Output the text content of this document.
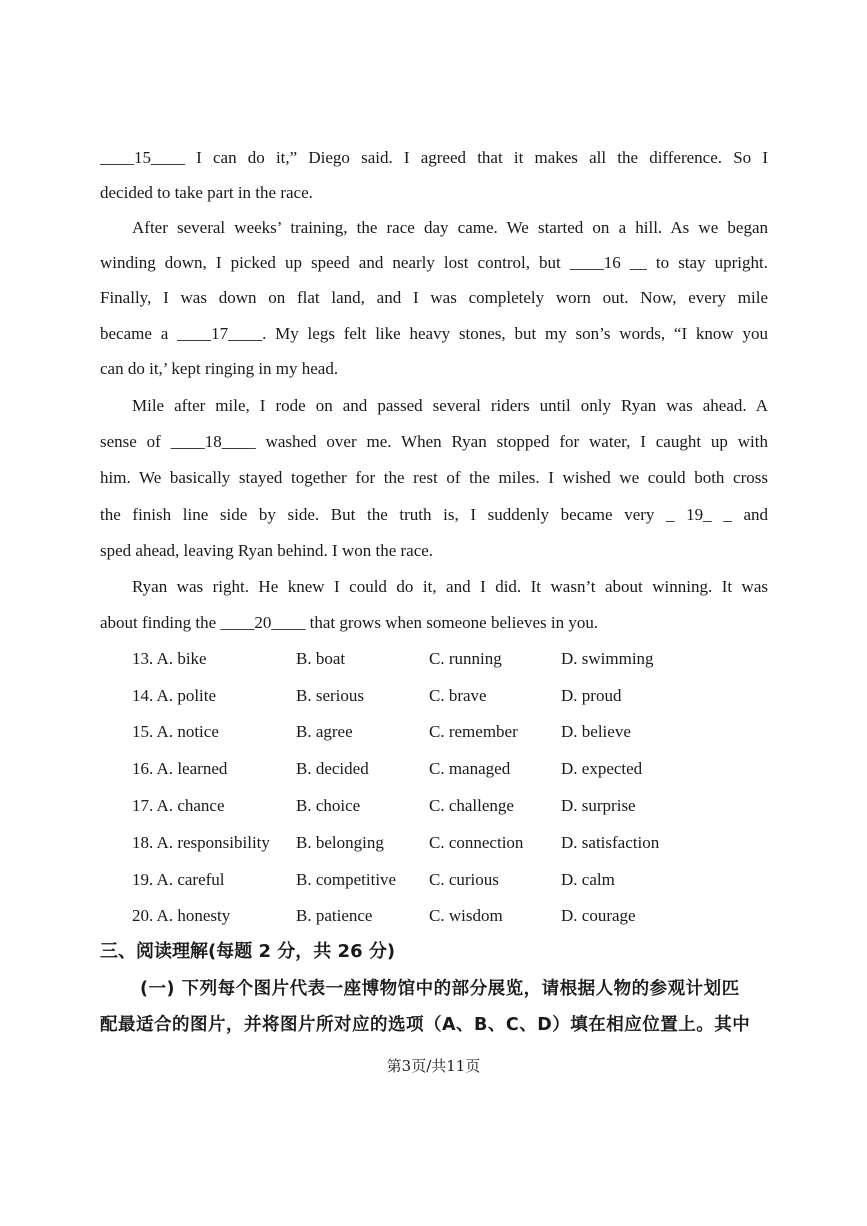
____15____ I can do it,” Diego said. I agreed that it makes all the difference. So I
decided to take part in the race.
After several weeks’ training, the race day came. We started on a hill. As we began
winding down, I picked up speed and nearly lost control, but ____16 __ to stay upright.
Finally, I was down on flat land, and I was completely worn out. Now, every mile
became a ____17____. My legs felt like heavy stones, but my son’s words, “I know you
can do it,’ kept ringing in my head.
Mile after mile, I rode on and passed several riders until only Ryan was ahead. A
sense of ____18____ washed over me. When Ryan stopped for water, I caught up with
him. We basically stayed together for the rest of the miles. I wished we could both cross
the finish line side by side. But the truth is, I suddenly became very _ 19_ _ and
sped ahead, leaving Ryan behind. I won the race.
Ryan was right. He knew I could do it, and I did. It wasn’t about winning. It was
about finding the ____20____ that grows when someone believes in you.
13. A. bike	B. boat	C. running	D. swimming
14. A. polite	B. serious	C. brave	D. proud
15. A. notice	B. agree	C. remember	D. believe
16. A. learned	B. decided	C. managed	D. expected
17. A. chance	B. choice	C. challenge	D. surprise
18. A. responsibility B. belonging	C. connection D. satisfaction
19. A. careful	B. competitive C. curious	D. calm
20. A. honesty	B. patience	C. wisdom	D. courage
三、阅读理解(每题 2 分，共 26 分)
(一) 下列每个图片代表一座博物馆中的部分展览，请根据人物的参观计划匹
配最适合的图片，并将图片所对应的选项（A、B、C、D）填在相应位置上。其中
第3页/共11页
